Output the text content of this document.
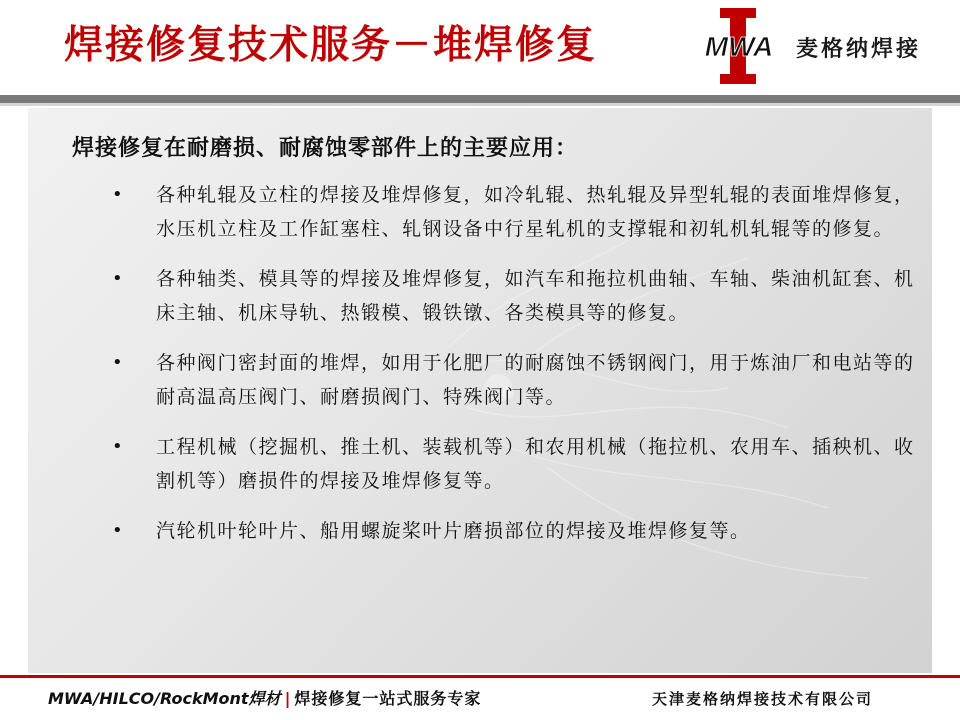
焊接修复技术服务－堆焊修复	MWA 麦格纳焊接
焊接修复在耐磨损、耐腐蚀零部件上的主要应用：
• 各种轧辊及立柱的焊接及堆焊修复，如冷轧辊、热轧辊及异型轧辊的表面堆焊修复，水压机立柱及工作缸塞柱、轧钢设备中行星轧机的支撑辊和初轧机轧辊等的修复。
• 各种轴类、模具等的焊接及堆焊修复，如汽车和拖拉机曲轴、车轴、柴油机缸套、机床主轴、机床导轨、热锻模、锻铁镦、各类模具等的修复。
• 各种阀门密封面的堆焊，如用于化肥厂的耐腐蚀不锈钢阀门，用于炼油厂和电站等的耐高温高压阀门、耐磨损阀门、特殊阀门等。
• 工程机械（挖掘机、推土机、装载机等）和农用机械（拖拉机、农用车、插秧机、收割机等）磨损件的焊接及堆焊修复等。
• 汽轮机叶轮叶片、船用螺旋桨叶片磨损部位的焊接及堆焊修复等。
MWA/HILCO/RockMont焊材 | 焊接修复一站式服务专家	天津麦格纳焊接技术有限公司
